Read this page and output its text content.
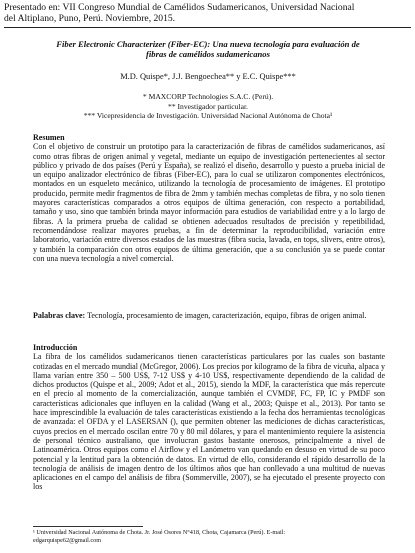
Presentado en: VII Congreso Mundial de Camélidos Sudamericanos, Universidad Nacional
del Altiplano, Puno, Perú. Noviembre, 2015.
Fiber Electronic Characterizer (Fiber-EC): Una nueva tecnología para evaluación de
fibras de camélidos sudamericanos
M.D. Quispe*, J.J. Bengoechea** y E.C. Quispe***
* MAXCORP Technologies S.A.C. (Perú).
** Investigador particular.
*** Vicepresidencia de Investigación. Universidad Nacional Autónoma de Chota¹
Resumen

Con el objetivo de construir un prototipo para la caracterización de fibras de camélidos sudamericanos, así como otras fibras de origen animal y vegetal, mediante un equipo de investigación pertenecientes al sector público y privado de dos países (Perú y España), se realizó el diseño, desarrollo y puesto a prueba inicial de un equipo analizador electrónico de fibras (Fiber-EC), para lo cual se utilizaron componentes electrónicos, montados en un esqueleto mecánico, utilizando la tecnología de procesamiento de imágenes. El prototipo producido, permite medir fragmentos de fibra de 2mm y también mechas completas de fibra, y no solo tienen mayores características comparados a otros equipos de última generación, con respecto a portabilidad, tamaño y uso, sino que también brinda mayor información para estudios de variabilidad entre y a lo largo de fibras. A la primera prueba de calidad se obtienen adecuados resultados de precisión y repetibilidad, recomendándose realizar mayores pruebas, a fin de determinar la reproducibilidad, variación entre laboratorio, variación entre diversos estados de las muestras (fibra sucia, lavada, en tops, slivers, entre otros), y también la comparación con otros equipos de última generación, que a su conclusión ya se puede contar con una nueva tecnología a nivel comercial.

Palabras clave: Tecnología, procesamiento de imagen, caracterización, equipo, fibras de origen animal.

Introducción

La fibra de los camélidos sudamericanos tienen características particulares por las cuales son bastante cotizadas en el mercado mundial (McGregor, 2006). Los precios por kilogramo de la fibra de vicuña, alpaca y llama varían entre 350 – 500 US$, 7-12 US$ y 4-10 US$, respectivamente dependiendo de la calidad de dichos productos (Quispe et al., 2009; Adot et al., 2015), siendo la MDF, la característica que más repercute en el precio al momento de la comercialización, aunque también el CVMDF, FC, FP, IC y PMDF son características adicionales que influyen en la calidad (Wang et al., 2003; Quispe et al., 2013). Por tanto se hace imprescindible la evaluación de tales características existiendo a la fecha dos herramientas tecnológicas de avanzada: el OFDA y el LASERSAN (), que permiten obtener las mediciones de dichas características, cuyos precios en el mercado oscilan entre 70 y 80 mil dólares, y para el mantenimiento requiere la asistencia de personal técnico australiano, que involucran gastos bastante onerosos, principalmente a nivel de Latinoamérica. Otros equipos como el Airflow y el Lanómetro van quedando en desuso en virtud de su poco potencial y la lentitud para la obtención de datos. En virtud de ello, considerando el rápido desarrollo de la tecnología de análisis de imagen dentro de los últimos años que han conllevado a una multitud de nuevas aplicaciones en el campo del análisis de fibra (Sommerville, 2007), se ha ejecutado el presente proyecto con los

¹ Universidad Nacional Autónoma de Chota. Jr. José Osores N°418, Chota, Cajamarca (Perú). E-mail:
edgarquispe62@gmail.com
